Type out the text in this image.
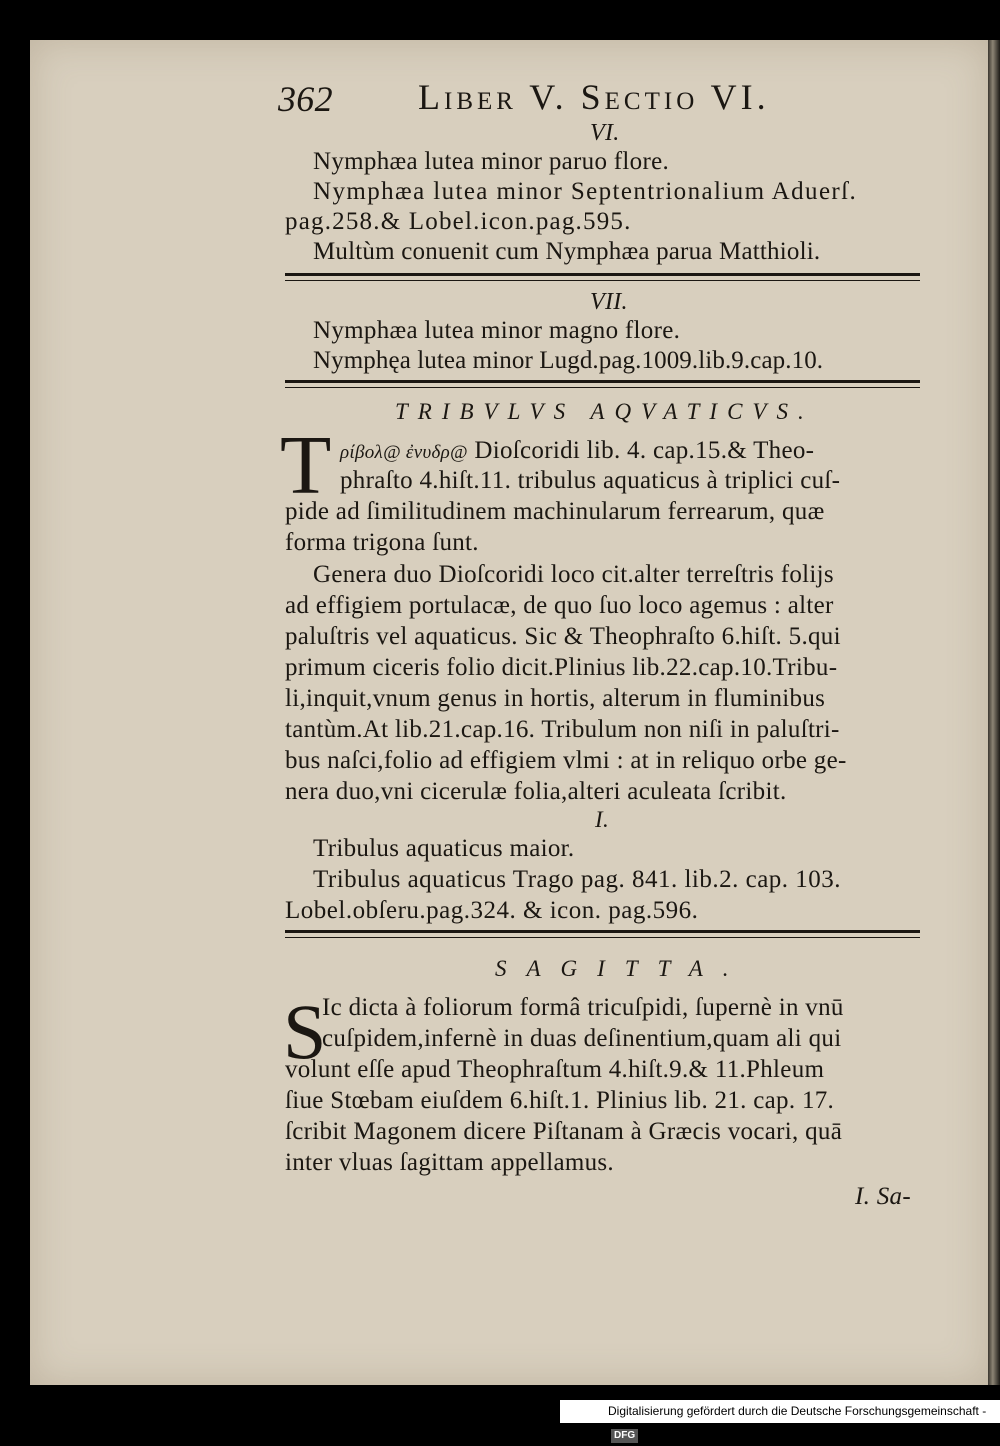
362 Liber V. Sectio VI.
VI.
Nymphæa lutea minor paruo flore.
Nymphæa lutea minor Septentrionalium Aduerſ.
pag.258.& Lobel.icon.pag.595.
Multùm conuenit cum Nymphæa parua Matthioli.
VII.
Nymphæa lutea minor magno flore.
Nymphęa lutea minor Lugd.pag.1009.lib.9.cap.10.
TRIBVLVS AQVATICVS.
T ρίβολ@ ἐνυδρ@ Dioſcoridi lib. 4. cap.15.& Theo-
phraſto 4.hiſt.11. tribulus aquaticus à triplici cuſ-
pide ad ſimilitudinem machinularum ferrearum, quæ
forma trigona ſunt.
Genera duo Dioſcoridi loco cit.alter terreſtris folijs
ad effigiem portulacæ, de quo ſuo loco agemus : alter
paluſtris vel aquaticus. Sic & Theophraſto 6.hiſt. 5.qui
primum ciceris folio dicit.Plinius lib.22.cap.10.Tribu-
li,inquit,vnum genus in hortis, alterum in fluminibus
tantùm.At lib.21.cap.16. Tribulum non niſi in paluſtri-
bus naſci,folio ad effigiem vlmi : at in reliquo orbe ge-
nera duo,vni cicerulæ folia,alteri aculeata ſcribit.
I.
Tribulus aquaticus maior.
Tribulus aquaticus Trago pag. 841. lib.2. cap. 103.
Lobel.obſeru.pag.324. & icon. pag.596.
SAGITTA.
S
Ic dicta à foliorum formâ tricuſpidi, ſupernè in vnū
cuſpidem,infernè in duas deſinentium,quam ali qui
volunt eſſe apud Theophraſtum 4.hiſt.9.& 11.Phleum
ſiue Stœbam eiuſdem 6.hiſt.1. Plinius lib. 21. cap. 17.
ſcribit Magonem dicere Piſtanam à Græcis vocari, quā
inter vluas ſagittam appellamus.
I. Sa-
Digitalisierung gefördert durch die Deutsche Forschungsgemeinschaft - DFG
